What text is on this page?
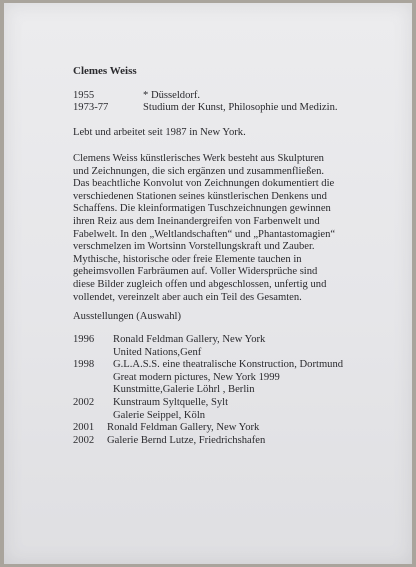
Clemes Weiss
1955	* Düsseldorf.
1973-77	Studium der Kunst, Philosophie und Medizin.
Lebt und arbeitet seit 1987 in New York.
Clemens Weiss künstlerisches Werk besteht aus Skulpturen
und Zeichnungen, die sich ergänzen und zusammenfließen.
Das beachtliche Konvolut von Zeichnungen dokumentiert die
verschiedenen Stationen seines künstlerischen Denkens und
Schaffens. Die kleinformatigen Tuschzeichnungen gewinnen
ihren Reiz aus dem Ineinandergreifen von Farbenwelt und
Fabelwelt. In den „Weltlandschaften“ und „Phantastomagien“
verschmelzen im Wortsinn Vorstellungskraft und Zauber.
Mythische, historische oder freie Elemente tauchen in
geheimsvollen Farbräumen auf. Voller Widersprüche sind
diese Bilder zugleich offen und abgeschlossen, unfertig und
vollendet, vereinzelt aber auch ein Teil des Gesamten.
Ausstellungen (Auswahl)
1996 Ronald Feldman Gallery, New York
United Nations,Genf
1998 G.L.A.S.S. eine theatralische Konstruction, Dortmund
Great modern pictures, New York 1999
Kunstmitte,Galerie Löhrl , Berlin
2002 Kunstraum Syltquelle, Sylt
Galerie Seippel, Köln
2001 Ronald Feldman Gallery, New York
2002 Galerie Bernd Lutze, Friedrichshafen
